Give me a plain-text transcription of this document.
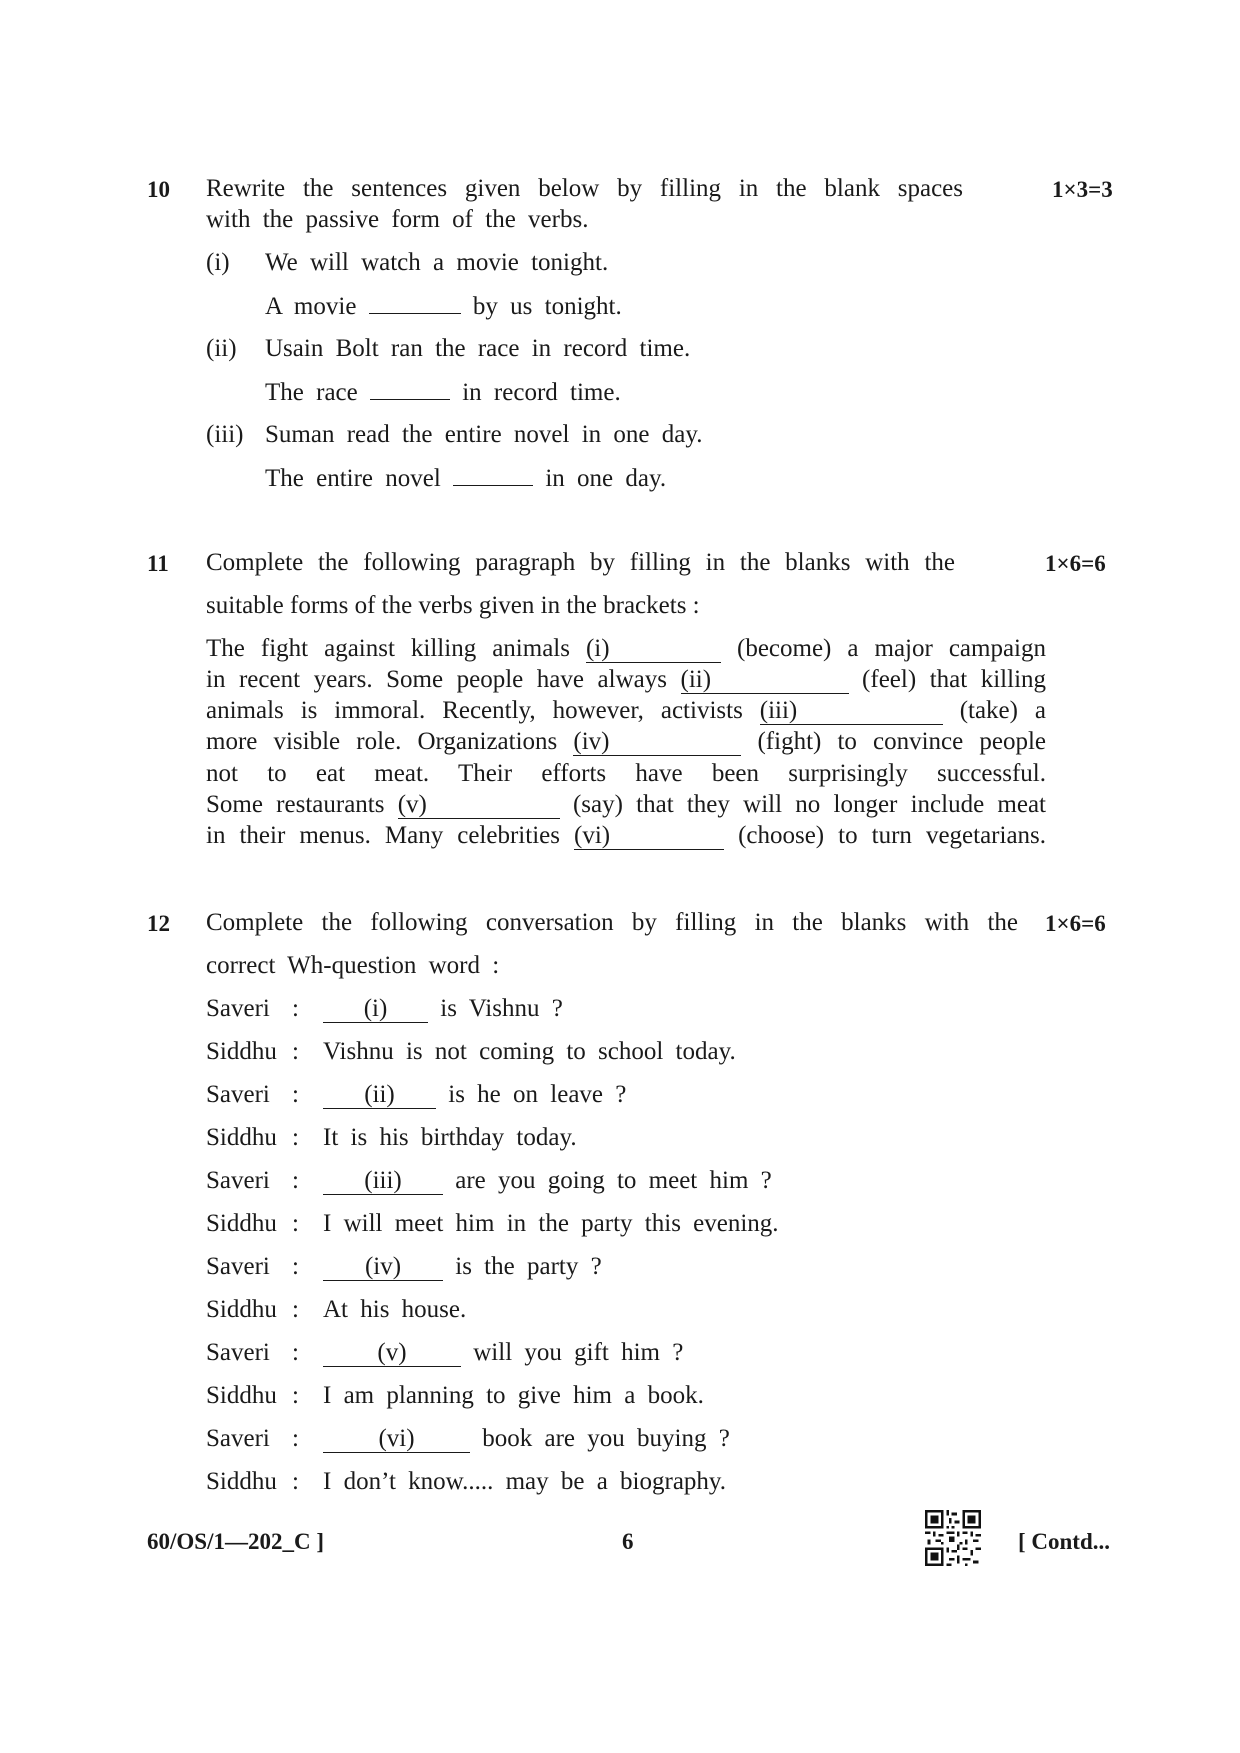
10	1×3=3
Rewrite the sentences given below by filling in the blank spaces
with the passive form of the verbs.
(i) We will watch a movie tonight.
A movie	by us tonight.
(ii) Usain Bolt ran the race in record time.
The race	in record time.
(iii) Suman read the entire novel in one day.
The entire novel	in one day.
11	1×6=6
Complete the following paragraph by filling in the blanks with the
suitable forms of the verbs given in the brackets :
The fight against killing animals (i)	(become) a major campaign
in recent years. Some people have always (ii)	(feel) that killing
animals is immoral. Recently, however, activists (iii)	(take) a
more visible role. Organizations (iv)	(fight) to convince people
not to eat meat. Their efforts have been surprisingly successful.
Some restaurants (v)	(say) that they will no longer include meat
in their menus. Many celebrities (vi)	(choose) to turn vegetarians.
12	1×6=6
Complete the following conversation by filling in the blanks with the
correct Wh-question word :
Saveri :	(i) is Vishnu ?
Siddhu : Vishnu is not coming to school today.
Saveri :	(ii) is he on leave ?
Siddhu : It is his birthday today.
Saveri :	(iii) are you going to meet him ?
Siddhu : I will meet him in the party this evening.
Saveri :	(iv) is the party ?
Siddhu : At his house.
Saveri :	(v)	will you gift him ?
Siddhu : I am planning to give him a book.
Saveri :	(vi)	book are you buying ?
Siddhu : I don’t know..... may be a biography.
60/OS/1—202_C ]	6	[ Contd...
